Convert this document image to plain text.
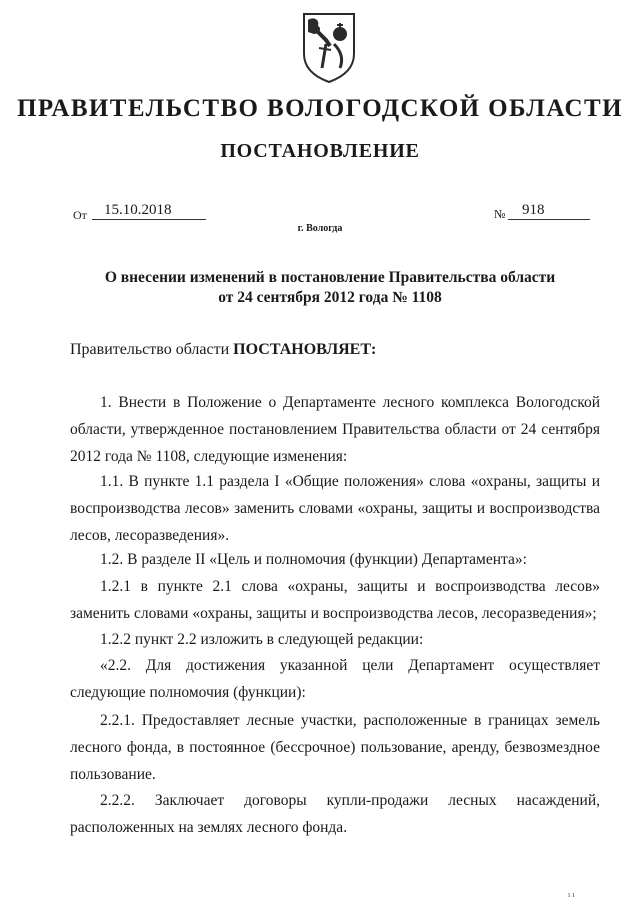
ПРАВИТЕЛЬСТВО ВОЛОГОДСКОЙ ОБЛАСТИ
ПОСТАНОВЛЕНИЕ
От 15.10.2018	№ 918
г. Вологда
О внесении изменений в постановление Правительства области
от 24 сентября 2012 года № 1108
Правительство области ПОСТАНОВЛЯЕТ:
1. Внести в Положение о Департаменте лесного комплекса Вологодской области, утвержденное постановлением Правительства области от 24 сентября 2012 года № 1108, следующие изменения:
1.1. В пункте 1.1 раздела I «Общие положения» слова «охраны, защиты и воспроизводства лесов» заменить словами «охраны, защиты и воспроизводства лесов, лесоразведения».
1.2. В разделе II «Цель и полномочия (функции) Департамента»:
1.2.1 в пункте 2.1 слова «охраны, защиты и воспроизводства лесов» заменить словами «охраны, защиты и воспроизводства лесов, лесоразведения»;
1.2.2 пункт 2.2 изложить в следующей редакции:
«2.2. Для достижения указанной цели Департамент осуществляет следующие полномочия (функции):
2.2.1. Предоставляет лесные участки, расположенные в границах земель лесного фонда, в постоянное (бессрочное) пользование, аренду, безвозмездное пользование.
2.2.2. Заключает договоры купли-продажи лесных насаждений, расположенных на землях лесного фонда.
ı ı
